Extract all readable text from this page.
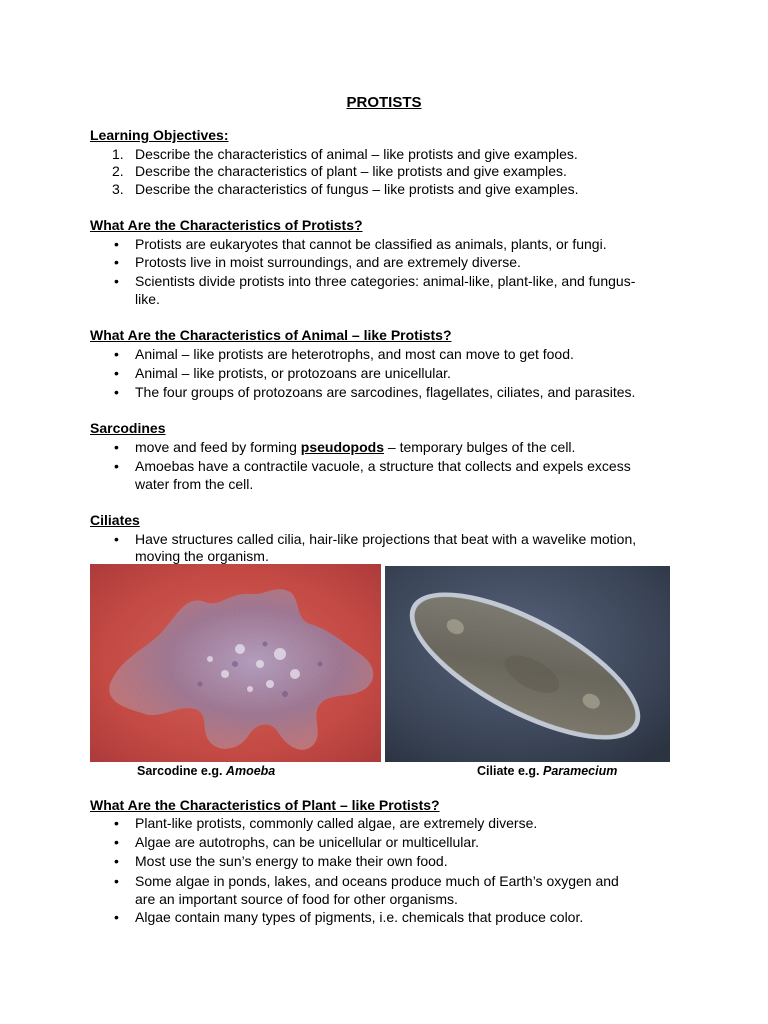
PROTISTS
Learning Objectives:
1. Describe the characteristics of animal – like protists and give examples.
2. Describe the characteristics of plant – like protists and give examples.
3. Describe the characteristics of fungus – like protists and give examples.
What Are the Characteristics of Protists?
• Protists are eukaryotes that cannot be classified as animals, plants, or fungi.
• Protosts live in moist surroundings, and are extremely diverse.
• Scientists divide protists into three categories: animal-like, plant-like, and fungus-
like.
What Are the Characteristics of Animal – like Protists?
• Animal – like protists are heterotrophs, and most can move to get food.
• Animal – like protists, or protozoans are unicellular.
• The four groups of protozoans are sarcodines, flagellates, ciliates, and parasites.
Sarcodines
• move and feed by forming pseudopods – temporary bulges of the cell.
• Amoebas have a contractile vacuole, a structure that collects and expels excess
water from the cell.
Ciliates
• Have structures called cilia, hair-like projections that beat with a wavelike motion,
moving the organism.
Sarcodine e.g. Amoeba	Ciliate e.g. Paramecium
What Are the Characteristics of Plant – like Protists?
• Plant-like protists, commonly called algae, are extremely diverse.
• Algae are autotrophs, can be unicellular or multicellular.
• Most use the sun’s energy to make their own food.
• Some algae in ponds, lakes, and oceans produce much of Earth’s oxygen and
are an important source of food for other organisms.
• Algae contain many types of pigments, i.e. chemicals that produce color.
